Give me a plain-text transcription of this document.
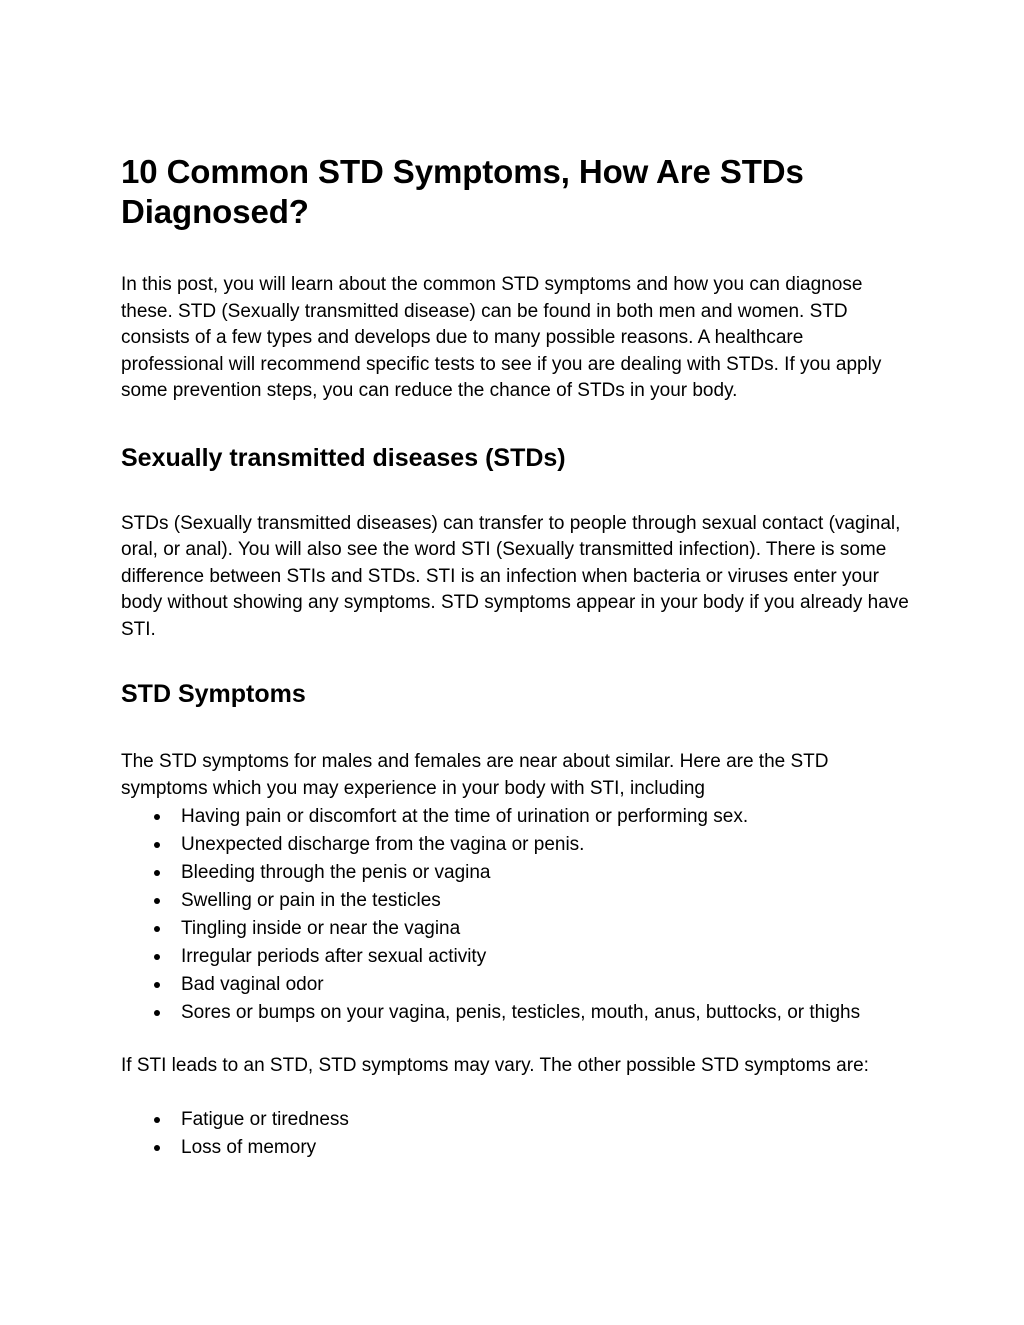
10 Common STD Symptoms, How Are STDs Diagnosed?

In this post, you will learn about the common STD symptoms and how you can diagnose these. STD (Sexually transmitted disease) can be found in both men and women. STD consists of a few types and develops due to many possible reasons. A healthcare professional will recommend specific tests to see if you are dealing with STDs. If you apply some prevention steps, you can reduce the chance of STDs in your body.

Sexually transmitted diseases (STDs)

STDs (Sexually transmitted diseases) can transfer to people through sexual contact (vaginal, oral, or anal). You will also see the word STI (Sexually transmitted infection). There is some difference between STIs and STDs. STI is an infection when bacteria or viruses enter your body without showing any symptoms. STD symptoms appear in your body if you already have STI.

STD Symptoms

The STD symptoms for males and females are near about similar. Here are the STD symptoms which you may experience in your body with STI, including

Having pain or discomfort at the time of urination or performing sex.
Unexpected discharge from the vagina or penis.
Bleeding through the penis or vagina
Swelling or pain in the testicles
Tingling inside or near the vagina
Irregular periods after sexual activity
Bad vaginal odor
Sores or bumps on your vagina, penis, testicles, mouth, anus, buttocks, or thighs

If STI leads to an STD, STD symptoms may vary. The other possible STD symptoms are:

Fatigue or tiredness
Loss of memory
